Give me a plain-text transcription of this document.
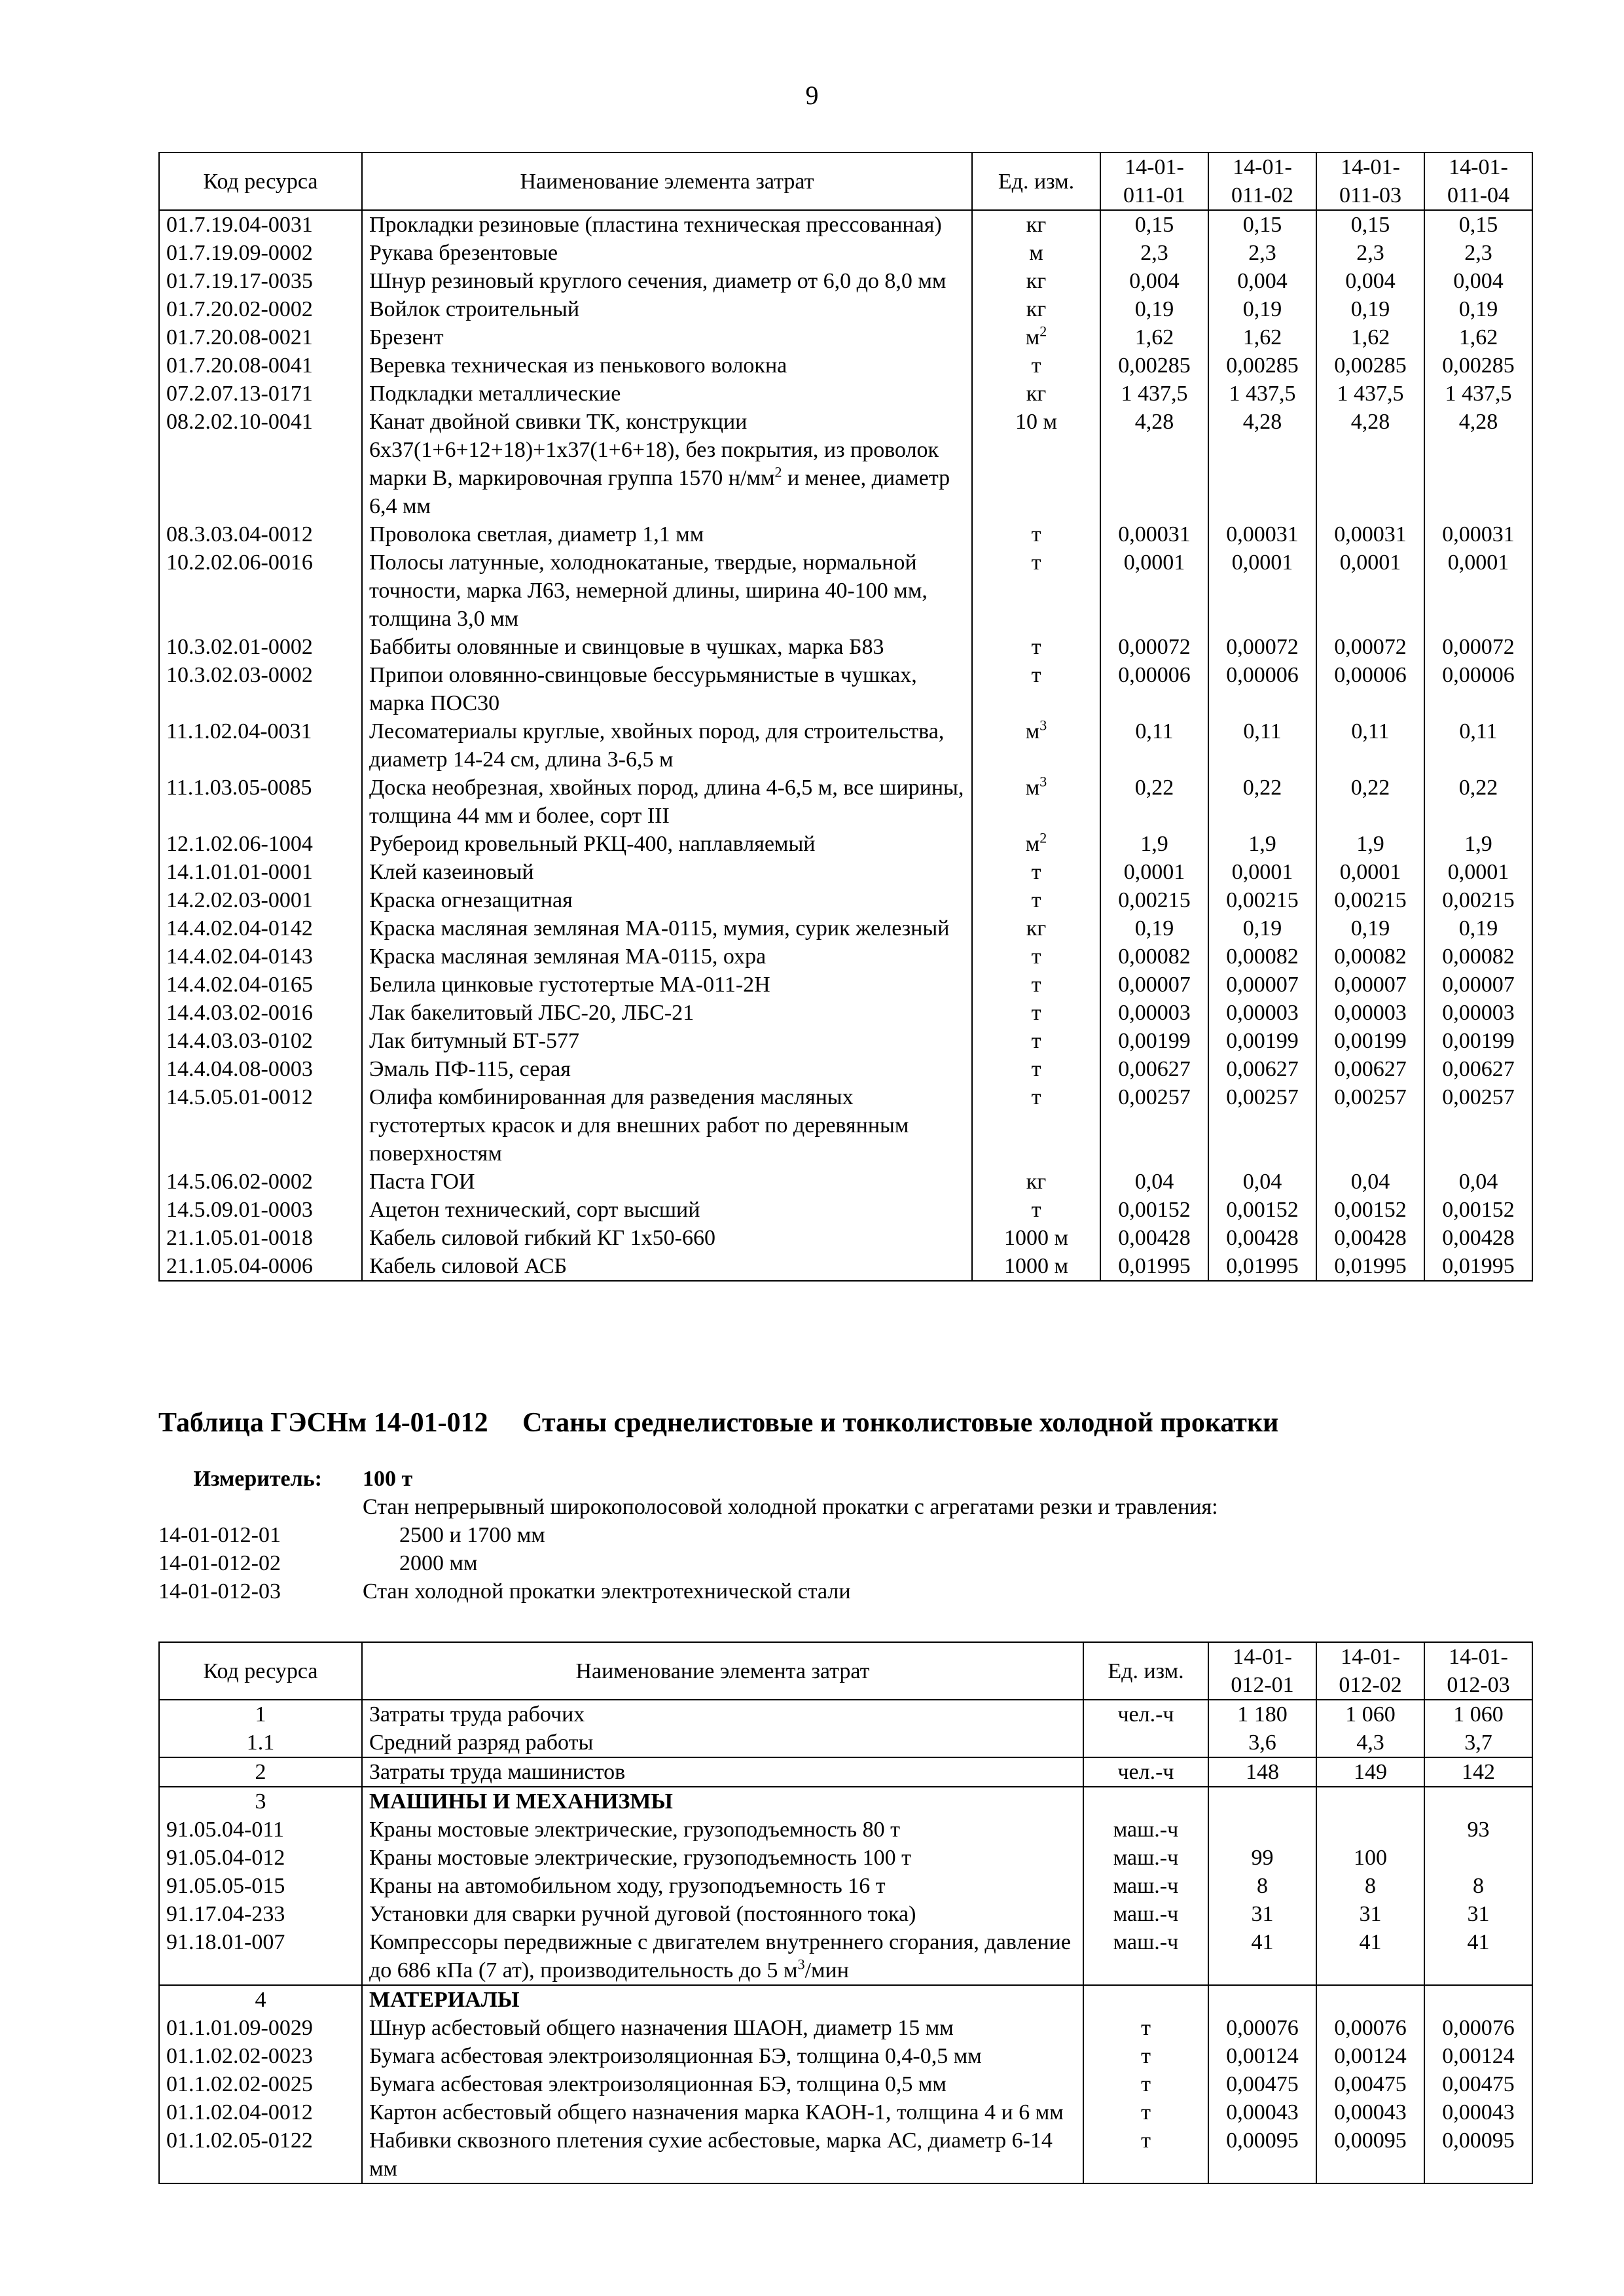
9
Код ресурса	Наименование элемента затрат	Ед. изм.	14-01-011-01	14-01-011-02	14-01-011-03	14-01-011-04
01.7.19.04-0031	Прокладки резиновые (пластина техническая прессованная)	кг	0,15	0,15	0,15	0,15
01.7.19.09-0002	Рукава брезентовые	м	2,3	2,3	2,3	2,3
01.7.19.17-0035	Шнур резиновый круглого сечения, диаметр от 6,0 до 8,0 мм	кг	0,004	0,004	0,004	0,004
01.7.20.02-0002	Войлок строительный	кг	0,19	0,19	0,19	0,19
01.7.20.08-0021	Брезент	$м^2$	1,62	1,62	1,62	1,62
01.7.20.08-0041	Веревка техническая из пенькового волокна	т	0,00285	0,00285	0,00285	0,00285
07.2.07.13-0171	Подкладки металлические	кг	1 437,5	1 437,5	1 437,5	1 437,5
08.2.02.10-0041	Канат двойной свивки ТК, конструкции 6х37(1+6+12+18)+1х37(1+6+18), без покрытия, из проволок марки В, маркировочная группа 1570 $н/мм^2$ и менее, диаметр 6,4 мм	10 м	4,28	4,28	4,28	4,28
08.3.03.04-0012	Проволока светлая, диаметр 1,1 мм	т	0,00031	0,00031	0,00031	0,00031
10.2.02.06-0016	Полосы латунные, холоднокатаные, твердые, нормальной точности, марка Л63, немерной длины, ширина 40-100 мм, толщина 3,0 мм	т	0,0001	0,0001	0,0001	0,0001
10.3.02.01-0002	Баббиты оловянные и свинцовые в чушках, марка Б83	т	0,00072	0,00072	0,00072	0,00072
10.3.02.03-0002	Припои оловянно-свинцовые бессурьмянистые в чушках, марка ПОС30	т	0,00006	0,00006	0,00006	0,00006
11.1.02.04-0031	Лесоматериалы круглые, хвойных пород, для строительства, диаметр 14-24 см, длина 3-6,5 м	$м^3$	0,11	0,11	0,11	0,11
11.1.03.05-0085	Доска необрезная, хвойных пород, длина 4-6,5 м, все ширины, толщина 44 мм и более, сорт III	$м^3$	0,22	0,22	0,22	0,22
12.1.02.06-1004	Рубероид кровельный РКЦ-400, наплавляемый	$м^2$	1,9	1,9	1,9	1,9
14.1.01.01-0001	Клей казеиновый	т	0,0001	0,0001	0,0001	0,0001
14.2.02.03-0001	Краска огнезащитная	т	0,00215	0,00215	0,00215	0,00215
14.4.02.04-0142	Краска масляная земляная МА-0115, мумия, сурик железный	кг	0,19	0,19	0,19	0,19
14.4.02.04-0143	Краска масляная земляная МА-0115, охра	т	0,00082	0,00082	0,00082	0,00082
14.4.02.04-0165	Белила цинковые густотертые МА-011-2Н	т	0,00007	0,00007	0,00007	0,00007
14.4.03.02-0016	Лак бакелитовый ЛБС-20, ЛБС-21	т	0,00003	0,00003	0,00003	0,00003
14.4.03.03-0102	Лак битумный БТ-577	т	0,00199	0,00199	0,00199	0,00199
14.4.04.08-0003	Эмаль ПФ-115, серая	т	0,00627	0,00627	0,00627	0,00627
14.5.05.01-0012	Олифа комбинированная для разведения масляных густотертых красок и для внешних работ по деревянным поверхностям	т	0,00257	0,00257	0,00257	0,00257
14.5.06.02-0002	Паста ГОИ	кг	0,04	0,04	0,04	0,04
14.5.09.01-0003	Ацетон технический, сорт высший	т	0,00152	0,00152	0,00152	0,00152
21.1.05.01-0018	Кабель силовой гибкий КГ 1х50-660	1000 м	0,00428	0,00428	0,00428	0,00428
21.1.05.04-0006	Кабель силовой АСБ	1000 м	0,01995	0,01995	0,01995	0,01995
Таблица ГЭСНм 14-01-012 Станы среднелистовые и тонколистовые холодной прокатки
Измеритель:	100 т
Стан непрерывный широкополосовой холодной прокатки с агрегатами резки и травления:
14-01-012-01	2500 и 1700 мм
14-01-012-02	2000 мм
14-01-012-03	Стан холодной прокатки электротехнической стали
Код ресурса	Наименование элемента затрат	Ед. изм.	14-01-012-01	14-01-012-02	14-01-012-03
1	Затраты труда рабочих	чел.-ч	1 180	1 060	1 060
1.1	Средний разряд работы		3,6	4,3	3,7
2	Затраты труда машинистов	чел.-ч	148	149	142
3	МАШИНЫ И МЕХАНИЗМЫ				
91.05.04-011	Краны мостовые электрические, грузоподъемность 80 т	маш.-ч			93
91.05.04-012	Краны мостовые электрические, грузоподъемность 100 т	маш.-ч	99	100	
91.05.05-015	Краны на автомобильном ходу, грузоподъемность 16 т	маш.-ч	8	8	8
91.17.04-233	Установки для сварки ручной дуговой (постоянного тока)	маш.-ч	31	31	31
91.18.01-007	Компрессоры передвижные с двигателем внутреннего сгорания, давление до 686 кПа (7 ат), производительность до 5 $м^3$/мин	маш.-ч	41	41	41
4	МАТЕРИАЛЫ				
01.1.01.09-0029	Шнур асбестовый общего назначения ШАОН, диаметр 15 мм	т	0,00076	0,00076	0,00076
01.1.02.02-0023	Бумага асбестовая электроизоляционная БЭ, толщина 0,4-0,5 мм	т	0,00124	0,00124	0,00124
01.1.02.02-0025	Бумага асбестовая электроизоляционная БЭ, толщина 0,5 мм	т	0,00475	0,00475	0,00475
01.1.02.04-0012	Картон асбестовый общего назначения марка КАОН-1, толщина 4 и 6 мм	т	0,00043	0,00043	0,00043
01.1.02.05-0122	Набивки сквозного плетения сухие асбестовые, марка АС, диаметр 6-14 мм	т	0,00095	0,00095	0,00095
